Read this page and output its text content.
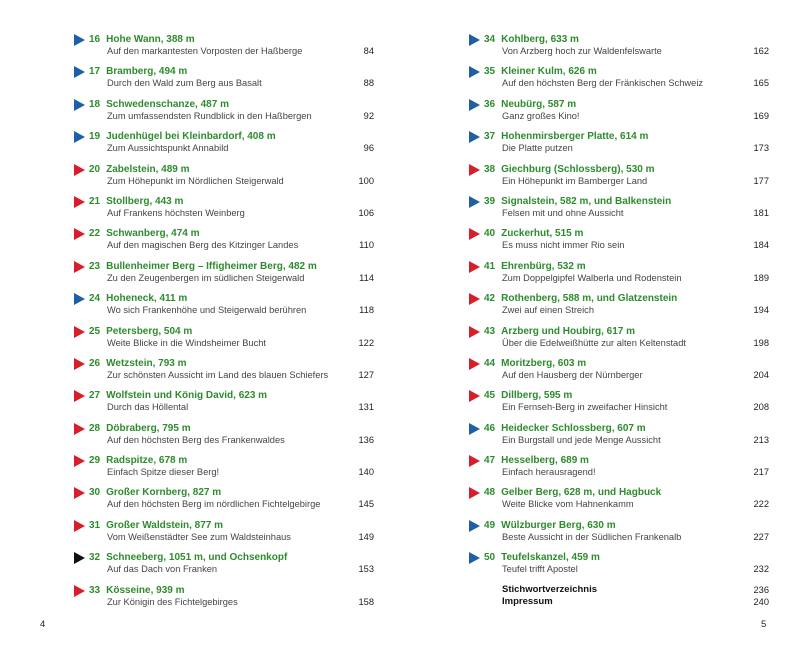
16 Hohe Wann, 388 m
Auf den markantesten Vorposten der Haßberge	84
17 Bramberg, 494 m
Durch den Wald zum Berg aus Basalt	88
18 Schwedenschanze, 487 m
Zum umfassendsten Rundblick in den Haßbergen	92
19 Judenhügel bei Kleinbardorf, 408 m
Zum Aussichtspunkt Annabild	96
20 Zabelstein, 489 m
Zum Höhepunkt im Nördlichen Steigerwald	100
21 Stollberg, 443 m
Auf Frankens höchsten Weinberg	106
22 Schwanberg, 474 m
Auf den magischen Berg des Kitzinger Landes	110
23 Bullenheimer Berg – Iffigheimer Berg, 482 m
Zu den Zeugenbergen im südlichen Steigerwald	114
24 Hoheneck, 411 m
Wo sich Frankenhöhe und Steigerwald berühren	118
25 Petersberg, 504 m
Weite Blicke in die Windsheimer Bucht	122
26 Wetzstein, 793 m
Zur schönsten Aussicht im Land des blauen Schiefers	127
27 Wolfstein und König David, 623 m
Durch das Höllental	131
28 Döbraberg, 795 m
Auf den höchsten Berg des Frankenwaldes	136
29 Radspitze, 678 m
Einfach Spitze dieser Berg!	140
30 Großer Kornberg, 827 m
Auf den höchsten Berg im nördlichen Fichtelgebirge	145
31 Großer Waldstein, 877 m
Vom Weißenstädter See zum Waldsteinhaus	149
32 Schneeberg, 1051 m, und Ochsenkopf
Auf das Dach von Franken	153
33 Kösseine, 939 m
Zur Königin des Fichtelgebirges	158
34 Kohlberg, 633 m
Von Arzberg hoch zur Waldenfelswarte	162
35 Kleiner Kulm, 626 m
Auf den höchsten Berg der Fränkischen Schweiz	165
36 Neubürg, 587 m
Ganz großes Kino!	169
37 Hohenmirsberger Platte, 614 m
Die Platte putzen	173
38 Giechburg (Schlossberg), 530 m
Ein Höhepunkt im Bamberger Land	177
39 Signalstein, 582 m, und Balkenstein
Felsen mit und ohne Aussicht	181
40 Zuckerhut, 515 m
Es muss nicht immer Rio sein	184
41 Ehrenbürg, 532 m
Zum Doppelgipfel Walberla und Rodenstein	189
42 Rothenberg, 588 m, und Glatzenstein
Zwei auf einen Streich	194
43 Arzberg und Houbirg, 617 m
Über die Edelweißhütte zur alten Keltenstadt	198
44 Moritzberg, 603 m
Auf den Hausberg der Nürnberger	204
45 Dillberg, 595 m
Ein Fernseh-Berg in zweifacher Hinsicht	208
46 Heidecker Schlossberg, 607 m
Ein Burgstall und jede Menge Aussicht	213
47 Hesselberg, 689 m
Einfach herausragend!	217
48 Gelber Berg, 628 m, und Hagbuck
Weite Blicke vom Hahnenkamm	222
49 Wülzburger Berg, 630 m
Beste Aussicht in der Südlichen Frankenalb	227
50 Teufelskanzel, 459 m
Teufel trifft Apostel	232
Stichwortverzeichnis	236
Impressum	240
4	5
